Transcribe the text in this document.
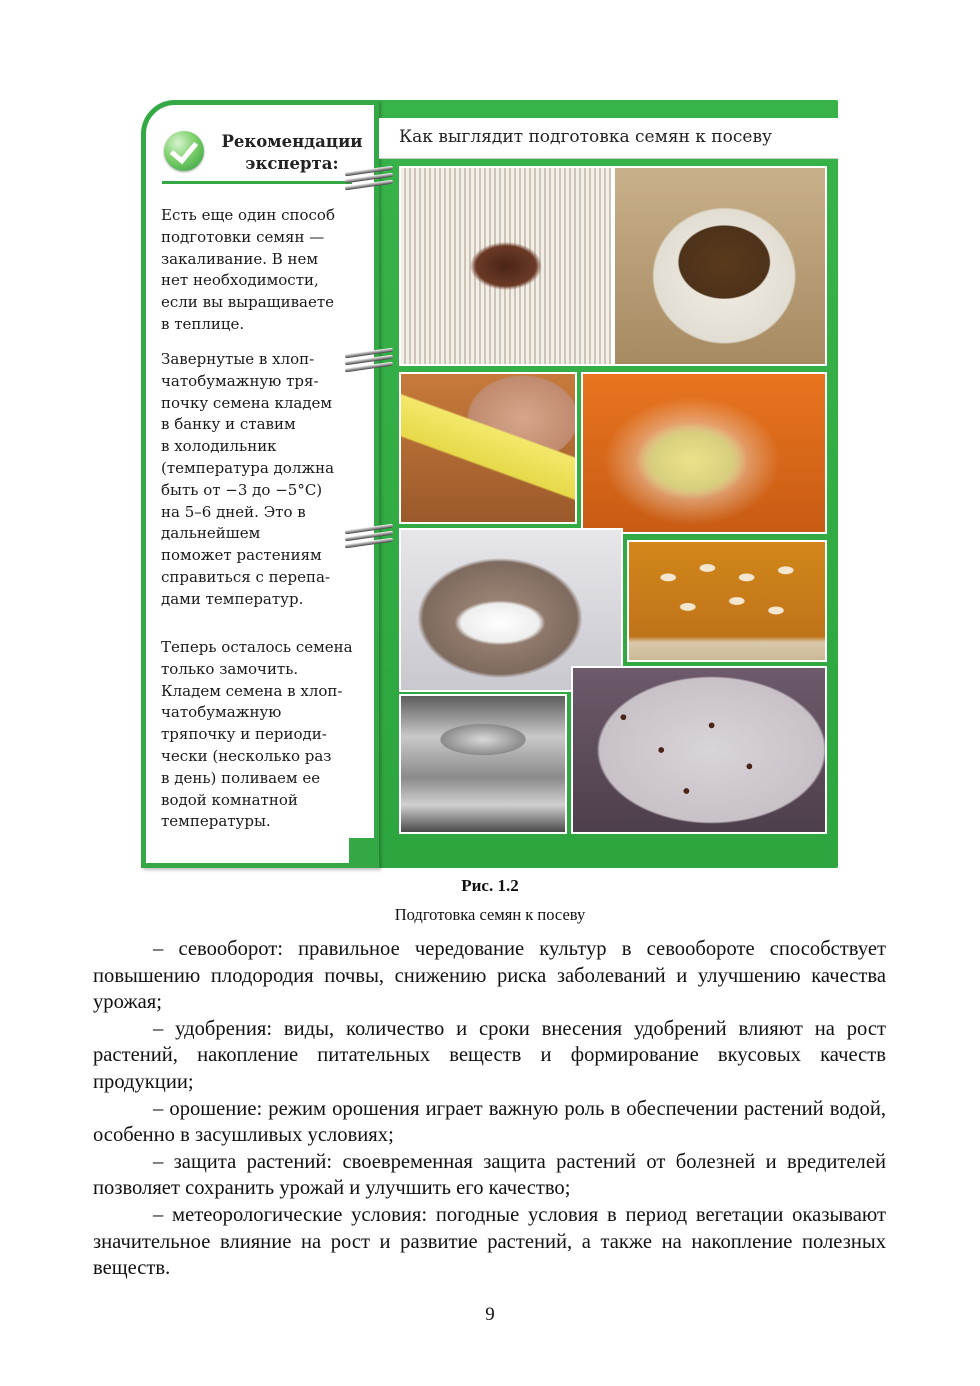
Рекомендации
эксперта:
Есть еще один способ
подготовки семян —
закаливание. В нем
нет необходимости,
если вы выращиваете
в теплице.
Завернутые в хлоп-
чатобумажную тря-
почку семена кладем
в банку и ставим
в холодильник
(температура должна
быть от −3 до −5°С)
на 5–6 дней. Это в
дальнейшем
поможет растениям
справиться с перепа-
дами температур.
Теперь осталось семена
только замочить.
Кладем семена в хлоп-
чатобумажную
тряпочку и периоди-
чески (несколько раз
в день) поливаем ее
водой комнатной
температуры.
Как выглядит подготовка семян к посеву
Рис. 1.2
Подготовка семян к посеву

– севооборот: правильное чередование культур в севообороте способствует повышению плодородия почвы, снижению риска заболеваний и улучшению качества урожая;

– удобрения: виды, количество и сроки внесения удобрений влияют на рост растений, накопление питательных веществ и формирование вкусовых качеств продукции;

– орошение: режим орошения играет важную роль в обеспечении растений водой, особенно в засушливых условиях;

– защита растений: своевременная защита растений от болезней и вредителей позволяет сохранить урожай и улучшить его качество;

– метеорологические условия: погодные условия в период вегетации оказывают значительное влияние на рост и развитие растений, а также на накопление полезных веществ.

9
